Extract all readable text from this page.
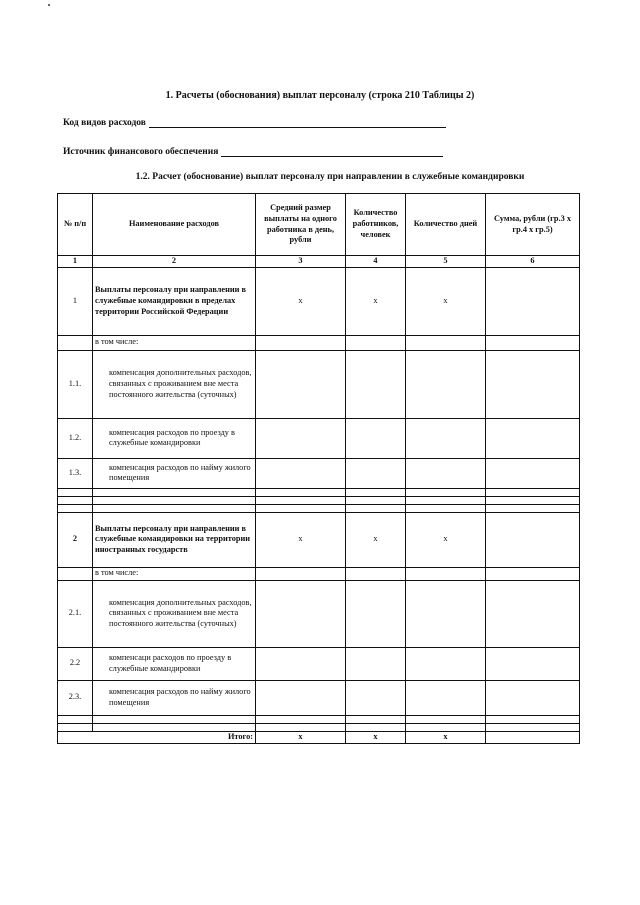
1. Расчеты (обоснования) выплат персоналу (строка 210 Таблицы 2)
Код видов расходов
Источник финансового обеспечения
1.2. Расчет (обоснование) выплат персоналу при направлении в служебные командировки
№ п/п	Наименование расходов	Средний размер выплаты на одного работника в день, рубли	Количество работников, человек	Количество дней	Сумма, рубли (гр.3 х гр.4 х гр.5)
1	2	3	4	5	6
1	Выплаты персоналу при направлении в служебные командировки в пределах территории Российской Федерации	х	х	х	
	в том числе:				
1.1.	компенсация дополнительных расходов, связанных с проживанием вне места постоянного жительства (суточных)				
1.2.	компенсация расходов по проезду в служебные командировки				
1.3.	компенсация расходов по найму жилого помещения				

2	Выплаты персоналу при направлении в служебные командировки на территории иностранных государств	х	х	х	
	в том числе:				
2.1.	компенсация дополнительных расходов, связанных с проживанием вне места постоянного жительства (суточных)				
2.2	компенсаци расходов по проезду в служебные командировки				
2.3.	компенсация расходов по найму жилого помещения				

Итого:		х	х	х	
